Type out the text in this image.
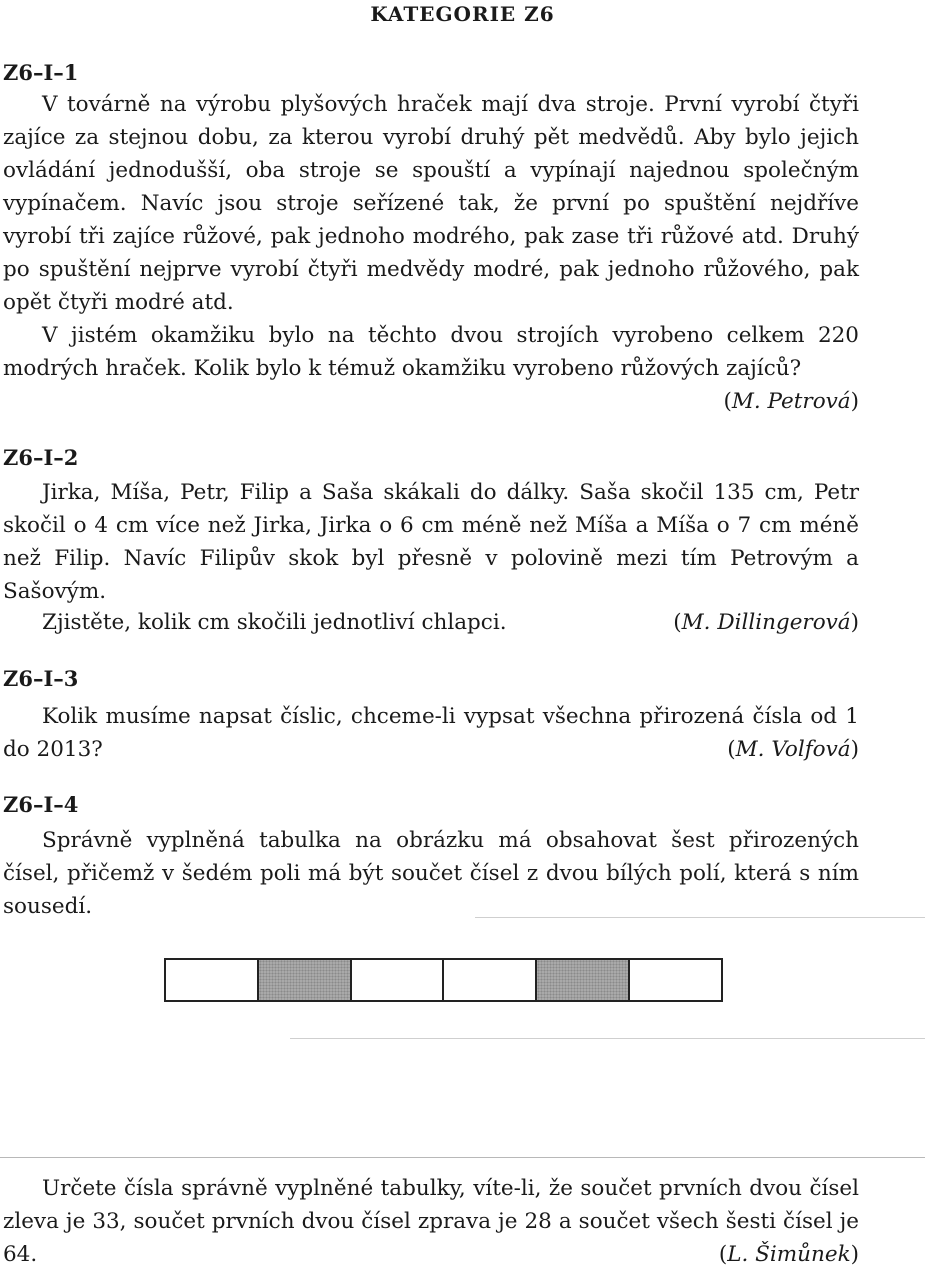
KATEGORIE Z6
Z6–I–1
V továrně na výrobu plyšových hraček mají dva stroje. První vyrobí čtyři zajíce za stejnou dobu, za kterou vyrobí druhý pět medvědů. Aby bylo jejich ovládání jednodušší, oba stroje se spouští a vypínají najednou společným vypínačem. Navíc jsou stroje seřízené tak, že první po spuštění nejdříve vyrobí tři zajíce růžové, pak jednoho modrého, pak zase tři růžové atd. Druhý po spuštění nejprve vyrobí čtyři medvědy modré, pak jednoho růžového, pak opět čtyři modré atd.
V jistém okamžiku bylo na těchto dvou strojích vyrobeno celkem 220 modrých hraček. Kolik bylo k témuž okamžiku vyrobeno růžových zajíců?
(M. Petrová)
Z6–I–2
Jirka, Míša, Petr, Filip a Saša skákali do dálky. Saša skočil 135 cm, Petr skočil o 4 cm více než Jirka, Jirka o 6 cm méně než Míša a Míša o 7 cm méně než Filip. Navíc Filipův skok byl přesně v polovině mezi tím Petrovým a Sašovým.
Zjistěte, kolik cm skočili jednotliví chlapci.	(M. Dillingerová)
Z6–I–3
Kolik musíme napsat číslic, chceme-li vypsat všechna přirozená čísla od 1 do 2013?	(M. Volfová)
Z6–I–4
Správně vyplněná tabulka na obrázku má obsahovat šest přirozených čísel, přičemž v šedém poli má být součet čísel z dvou bílých polí, která s ním sousedí.
Určete čísla správně vyplněné tabulky, víte-li, že součet prvních dvou čísel zleva je 33, součet prvních dvou čísel zprava je 28 a součet všech šesti čísel je 64.	(L. Šimůnek)
